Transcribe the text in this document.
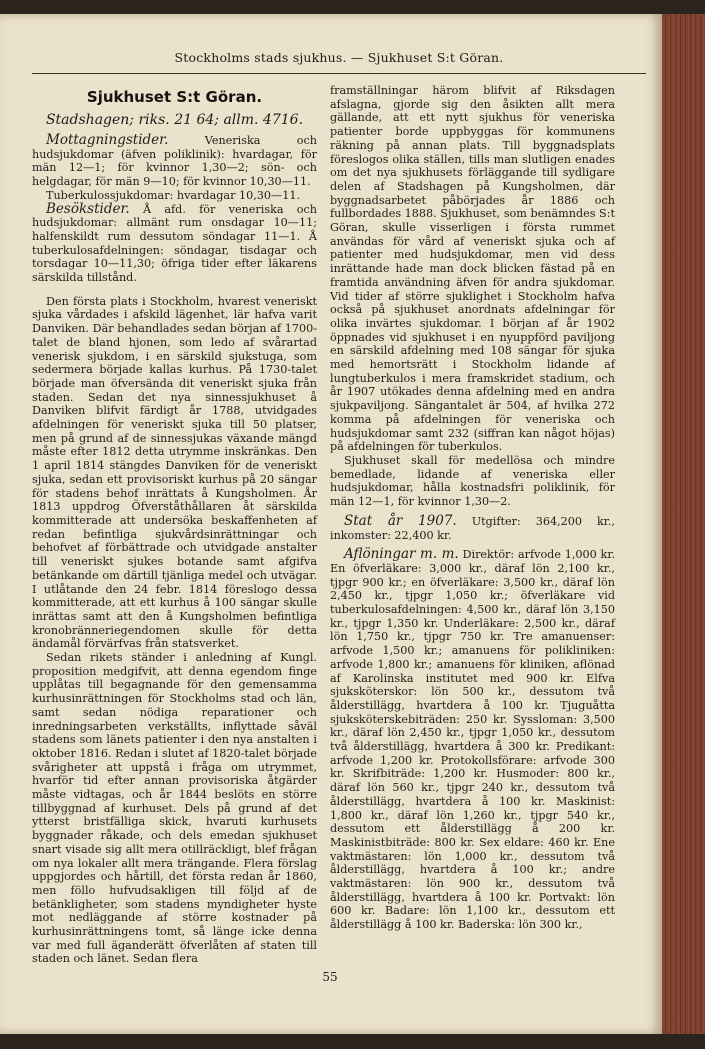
Stockholms stads sjukhus. — Sjukhuset S:t Göran.
Sjukhuset S:t Göran.
Stadshagen; riks. 21 64; allm. 4716.

Mottagningstider.	Veneriska och hudsjukdomar (äfven poliklinik): hvardagar, för män 12—1; för kvinnor 1,30—2; sön- och helgdagar, för män 9—10; för kvinnor 10,30—11.

Tuberkulossjukdomar: hvardagar 10,30—11.

Besökstider. Å afd. för veneriska och hudsjukdomar: allmänt rum onsdagar 10—11; halfenskildt rum dessutom söndagar 11—1. Å tuberkulosafdelningen: söndagar, tisdagar och torsdagar 10—11,30; öfriga tider efter läkarens särskilda tillstånd.

Den första plats i Stockholm, hvarest veneriskt sjuka vårdades i afskild lägenhet, lär hafva varit Danviken. Där behandlades sedan början af 1700-talet de bland hjonen, som ledo af svårartad venerisk sjukdom, i en särskild sjukstuga, som sedermera började kallas kurhus. På 1730-talet började man öfversända dit veneriskt sjuka från staden. Sedan det nya sinnessjukhuset å Danviken blifvit färdigt år 1788, utvidgades afdelningen för veneriskt sjuka till 50 platser, men på grund af de sinnessjukas växande mängd måste efter 1812 detta utrymme inskränkas. Den 1 april 1814 stängdes Danviken för de veneriskt sjuka, sedan ett provisoriskt kurhus på 20 sängar för stadens behof inrättats å Kungsholmen. År 1813 uppdrog Öfverståthållaren åt särskilda kommitterade att undersöka beskaffenheten af redan befintliga sjukvårdsinrättningar och behofvet af förbättrade och utvidgade anstalter till veneriskt sjukes botande samt afgifva betänkande om därtill tjänliga medel och utvägar. I utlåtande den 24 febr. 1814 föreslogo dessa kommitterade, att ett kurhus å 100 sängar skulle inrättas samt att den å Kungsholmen befintliga kronobränneriegendomen skulle för detta ändamål förvärfvas från statsverket.

Sedan rikets ständer i anledning af Kungl. proposition medgifvit, att denna egendom finge upplåtas till begagnande för den gemensamma kurhusinrättningen för Stockholms stad och län, samt sedan nödiga reparationer och inredningsarbeten verkställts, inflyttade såväl stadens som länets patienter i den nya anstalten i oktober 1816. Redan i slutet af 1820-talet började svårigheter att uppstå i fråga om utrymmet, hvarför tid efter annan provisoriska åtgärder måste vidtagas, och år 1844 beslöts en större tillbyggnad af kurhuset. Dels på grund af det ytterst bristfälliga skick, hvaruti kurhusets byggnader råkade, och dels emedan sjukhuset snart visade sig allt mera otillräckligt, blef frågan om nya lokaler allt mera trängande. Flera förslag uppgjordes och hårtill, det första redan år 1860, men föllo hufvudsakligen till följd af de betänkligheter, som stadens myndigheter hyste mot nedläggande af större kostnader på kurhusinrättningens tomt, så länge icke denna var med full äganderätt öfverlåten af staten till staden och länet. Sedan flera

framställningar härom blifvit af Riksdagen afslagna, gjorde sig den åsikten allt mera gällande, att ett nytt sjukhus för veneriska patienter borde uppbyggas för kommunens räkning på annan plats. Till byggnadsplats föreslogos olika ställen, tills man slutligen enades om det nya sjukhusets förläggande till sydligare delen af Stadshagen på Kungsholmen, där byggnadsarbetet påbörjades år 1886 och fullbordades 1888. Sjukhuset, som benämndes S:t Göran, skulle visserligen i första rummet användas för vård af veneriskt sjuka och af patienter med hudsjukdomar, men vid dess inrättande hade man dock blicken fästad på en framtida användning äfven för andra sjukdomar. Vid tider af större sjuklighet i Stockholm hafva också på sjukhuset anordnats afdelningar för olika invärtes sjukdomar. I början af år 1902 öppnades vid sjukhuset i en nyuppförd paviljong en särskild afdelning med 108 sängar för sjuka med hemortsrätt i Stockholm lidande af lungtuberkulos i mera framskridet stadium, och år 1907 utökades denna afdelning med en andra sjukpaviljong. Sängantalet är 504, af hvilka 272 komma på afdelningen för veneriska och hudsjukdomar samt 232 (siffran kan något höjas) på afdelningen för tuberkulos.

Sjukhuset skall för medellösa och mindre bemedlade, lidande af veneriska eller hudsjukdomar, hålla kostnadsfri poliklinik, för män 12—1, för kvinnor 1,30—2.

Stat år 1907. Utgifter: 364,200 kr., inkomster: 22,400 kr.

Aflöningar m. m. Direktör: arfvode 1,000 kr. En öfverläkare: 3,000 kr., däraf lön 2,100 kr., tjpgr 900 kr.; en öfverläkare: 3,500 kr., däraf lön 2,450 kr., tjpgr 1,050 kr.; öfverläkare vid tuberkulosafdelningen: 4,500 kr., däraf lön 3,150 kr., tjpgr 1,350 kr. Underläkare: 2,500 kr., däraf lön 1,750 kr., tjpgr 750 kr. Tre amanuenser: arfvode 1,500 kr.; amanuens för polikliniken: arfvode 1,800 kr.; amanuens för kliniken, aflönad af Karolinska institutet med 900 kr. Elfva sjuksköterskor: lön 500 kr., dessutom två ålderstillägg, hvartdera å 100 kr. Tjuguåtta sjuksköterskebiträden: 250 kr. Syssloman: 3,500 kr., däraf lön 2,450 kr., tjpgr 1,050 kr., dessutom två ålderstillägg, hvartdera å 300 kr. Predikant: arfvode 1,200 kr. Protokollsförare: arfvode 300 kr. Skrifbiträde: 1,200 kr. Husmoder: 800 kr., däraf lön 560 kr., tjpgr 240 kr., dessutom två ålderstillägg, hvartdera å 100 kr. Maskinist: 1,800 kr., däraf lön 1,260 kr., tjpgr 540 kr., dessutom ett ålderstillägg å 200 kr. Maskinistbiträde: 800 kr. Sex eldare: 460 kr. Ene vaktmästaren: lön 1,000 kr., dessutom två ålderstillägg, hvartdera å 100 kr.; andre vaktmästaren: lön 900 kr., dessutom två ålderstillägg, hvartdera å 100 kr. Portvakt: lön 600 kr. Badare: lön 1,100 kr., dessutom ett ålderstillägg å 100 kr. Baderska: lön 300 kr.,

55
